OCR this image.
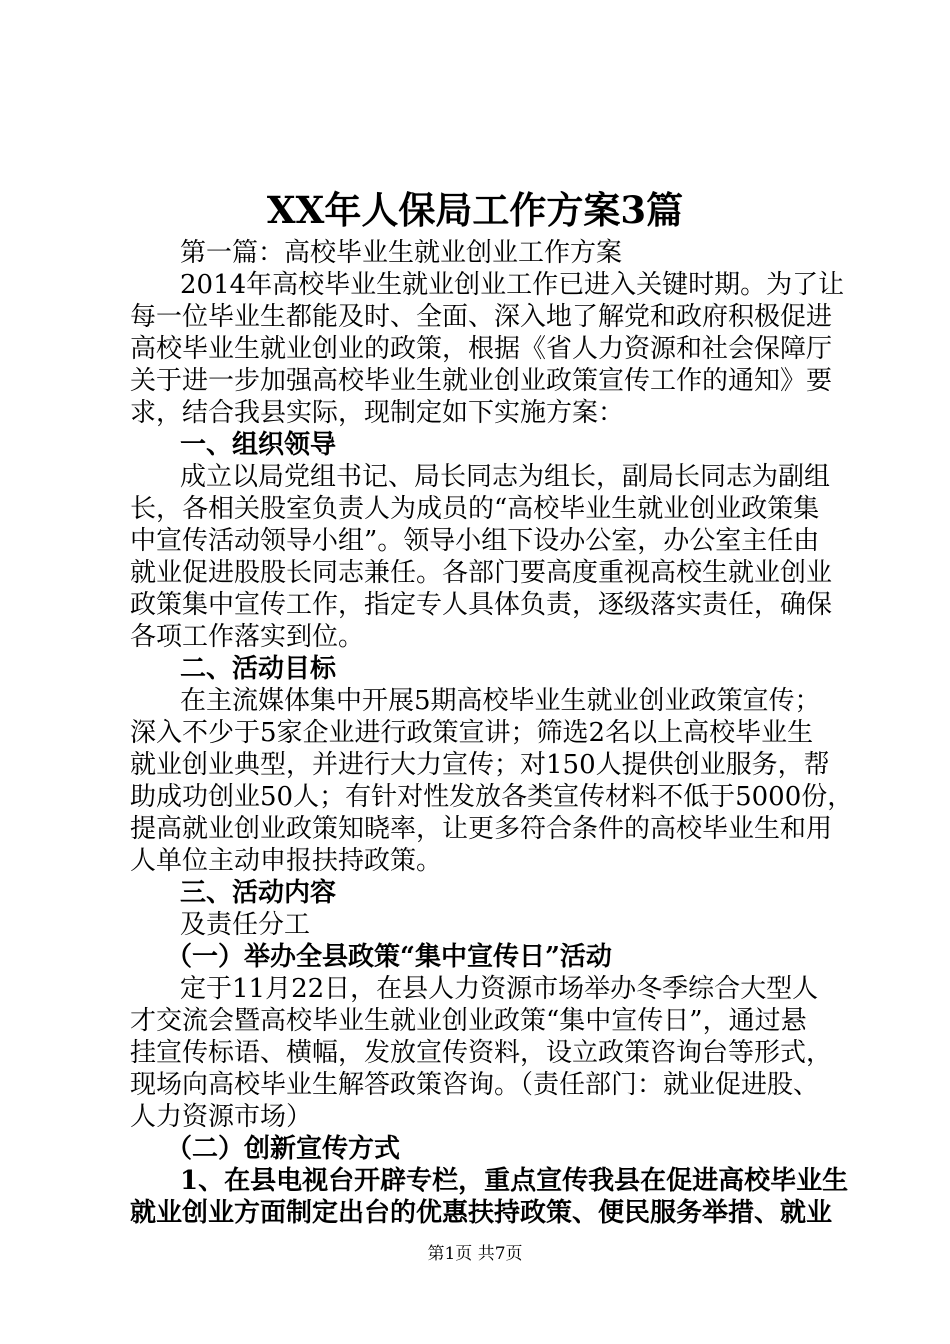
XX年人保局工作方案3篇
第一篇：高校毕业生就业创业工作方案
2014年高校毕业生就业创业工作已进入关键时期。为了让
每一位毕业生都能及时、全面、深入地了解党和政府积极促进
高校毕业生就业创业的政策，根据《省人力资源和社会保障厅
关于进一步加强高校毕业生就业创业政策宣传工作的通知》要
求，结合我县实际，现制定如下实施方案：
一、组织领导
成立以局党组书记、局长同志为组长，副局长同志为副组
长，各相关股室负责人为成员的“高校毕业生就业创业政策集
中宣传活动领导小组”。领导小组下设办公室，办公室主任由
就业促进股股长同志兼任。各部门要高度重视高校生就业创业
政策集中宣传工作，指定专人具体负责，逐级落实责任，确保
各项工作落实到位。
二、活动目标
在主流媒体集中开展5期高校毕业生就业创业政策宣传；
深入不少于5家企业进行政策宣讲；筛选2名以上高校毕业生
就业创业典型，并进行大力宣传；对150人提供创业服务，帮
助成功创业50人；有针对性发放各类宣传材料不低于5000份，
提高就业创业政策知晓率，让更多符合条件的高校毕业生和用
人单位主动申报扶持政策。
三、活动内容
及责任分工
（一）举办全县政策“集中宣传日”活动
定于11月22日，在县人力资源市场举办冬季综合大型人
才交流会暨高校毕业生就业创业政策“集中宣传日”，通过悬
挂宣传标语、横幅，发放宣传资料，设立政策咨询台等形式，
现场向高校毕业生解答政策咨询。（责任部门：就业促进股、
人力资源市场）
（二）创新宣传方式
1、在县电视台开辟专栏，重点宣传我县在促进高校毕业生
就业创业方面制定出台的优惠扶持政策、便民服务举措、就业
第1页 共7页
